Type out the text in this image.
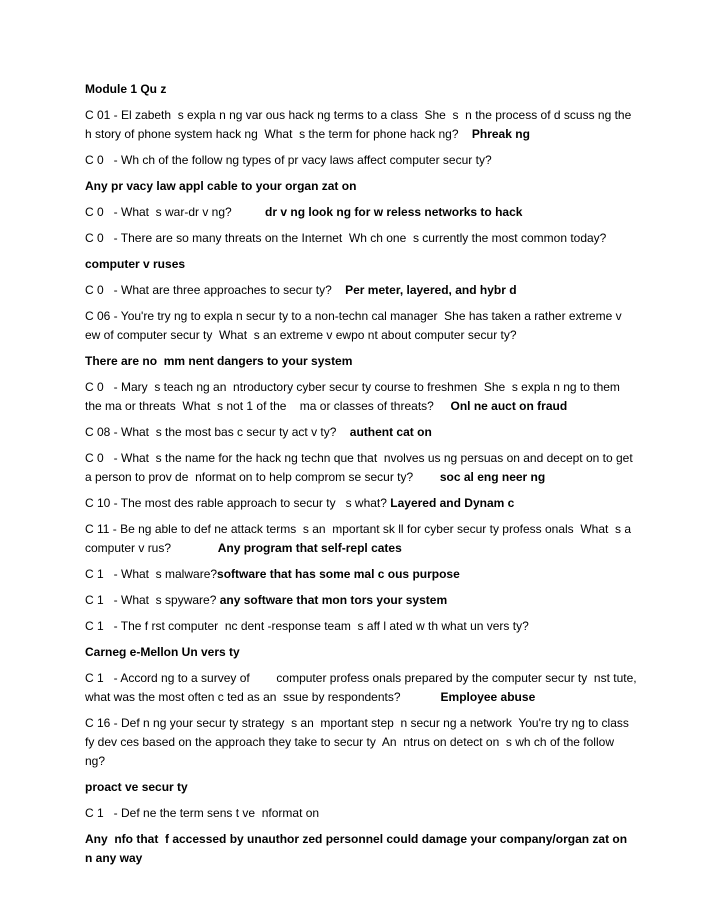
Module 1 Qu z
C 01 - El zabeth  s expla n ng var ous hack ng terms to a class  She  s  n the process of d scuss ng the h story of phone system hack ng  What  s the term for phone hack ng?    Phreak ng
C 0   - Wh ch of the follow ng types of pr vacy laws affect computer secur ty?
Any pr vacy law appl cable to your organ zat on
C 0   - What  s war-dr v ng?          dr v ng look ng for w reless networks to hack
C 0   - There are so many threats on the Internet  Wh ch one  s currently the most common today?
computer v ruses
C 0   - What are three approaches to secur ty?    Per meter, layered, and hybr d
C 06 - You're try ng to expla n secur ty to a non-techn cal manager  She has taken a rather extreme v ew of computer secur ty  What  s an extreme v ewpo nt about computer secur ty?
There are no  mm nent dangers to your system
C 0   - Mary  s teach ng an  ntroductory cyber secur ty course to freshmen  She  s expla n ng to them the ma or threats  What  s not 1 of the    ma or classes of threats?     Onl ne auct on fraud
C 08 - What  s the most bas c secur ty act v ty?    authent cat on
C 0   - What  s the name for the hack ng techn que that  nvolves us ng persuas on and decept on to get a person to prov de  nformat on to help comprom se secur ty?        soc al eng neer ng
C 10 - The most des rable approach to secur ty   s what? Layered and Dynam c
C 11 - Be ng able to def ne attack terms  s an  mportant sk ll for cyber secur ty profess onals  What  s a computer v rus?              Any program that self-repl cates
C 1   - What  s malware?software that has some mal c ous purpose
C 1   - What  s spyware? any software that mon tors your system
C 1   - The f rst computer  nc dent -response team  s aff l ated w th what un vers ty?
Carneg e-Mellon Un vers ty
C 1   - Accord ng to a survey of        computer profess onals prepared by the computer secur ty  nst tute, what was the most often c ted as an  ssue by respondents?            Employee abuse
C 16 - Def n ng your secur ty strategy  s an  mportant step  n secur ng a network  You're try ng to class fy dev ces based on the approach they take to secur ty  An  ntrus on detect on  s wh ch of the follow ng?
proact ve secur ty
C 1   - Def ne the term sens t ve  nformat on
Any  nfo that  f accessed by unauthor zed personnel could damage your company/organ zat on  n any way
